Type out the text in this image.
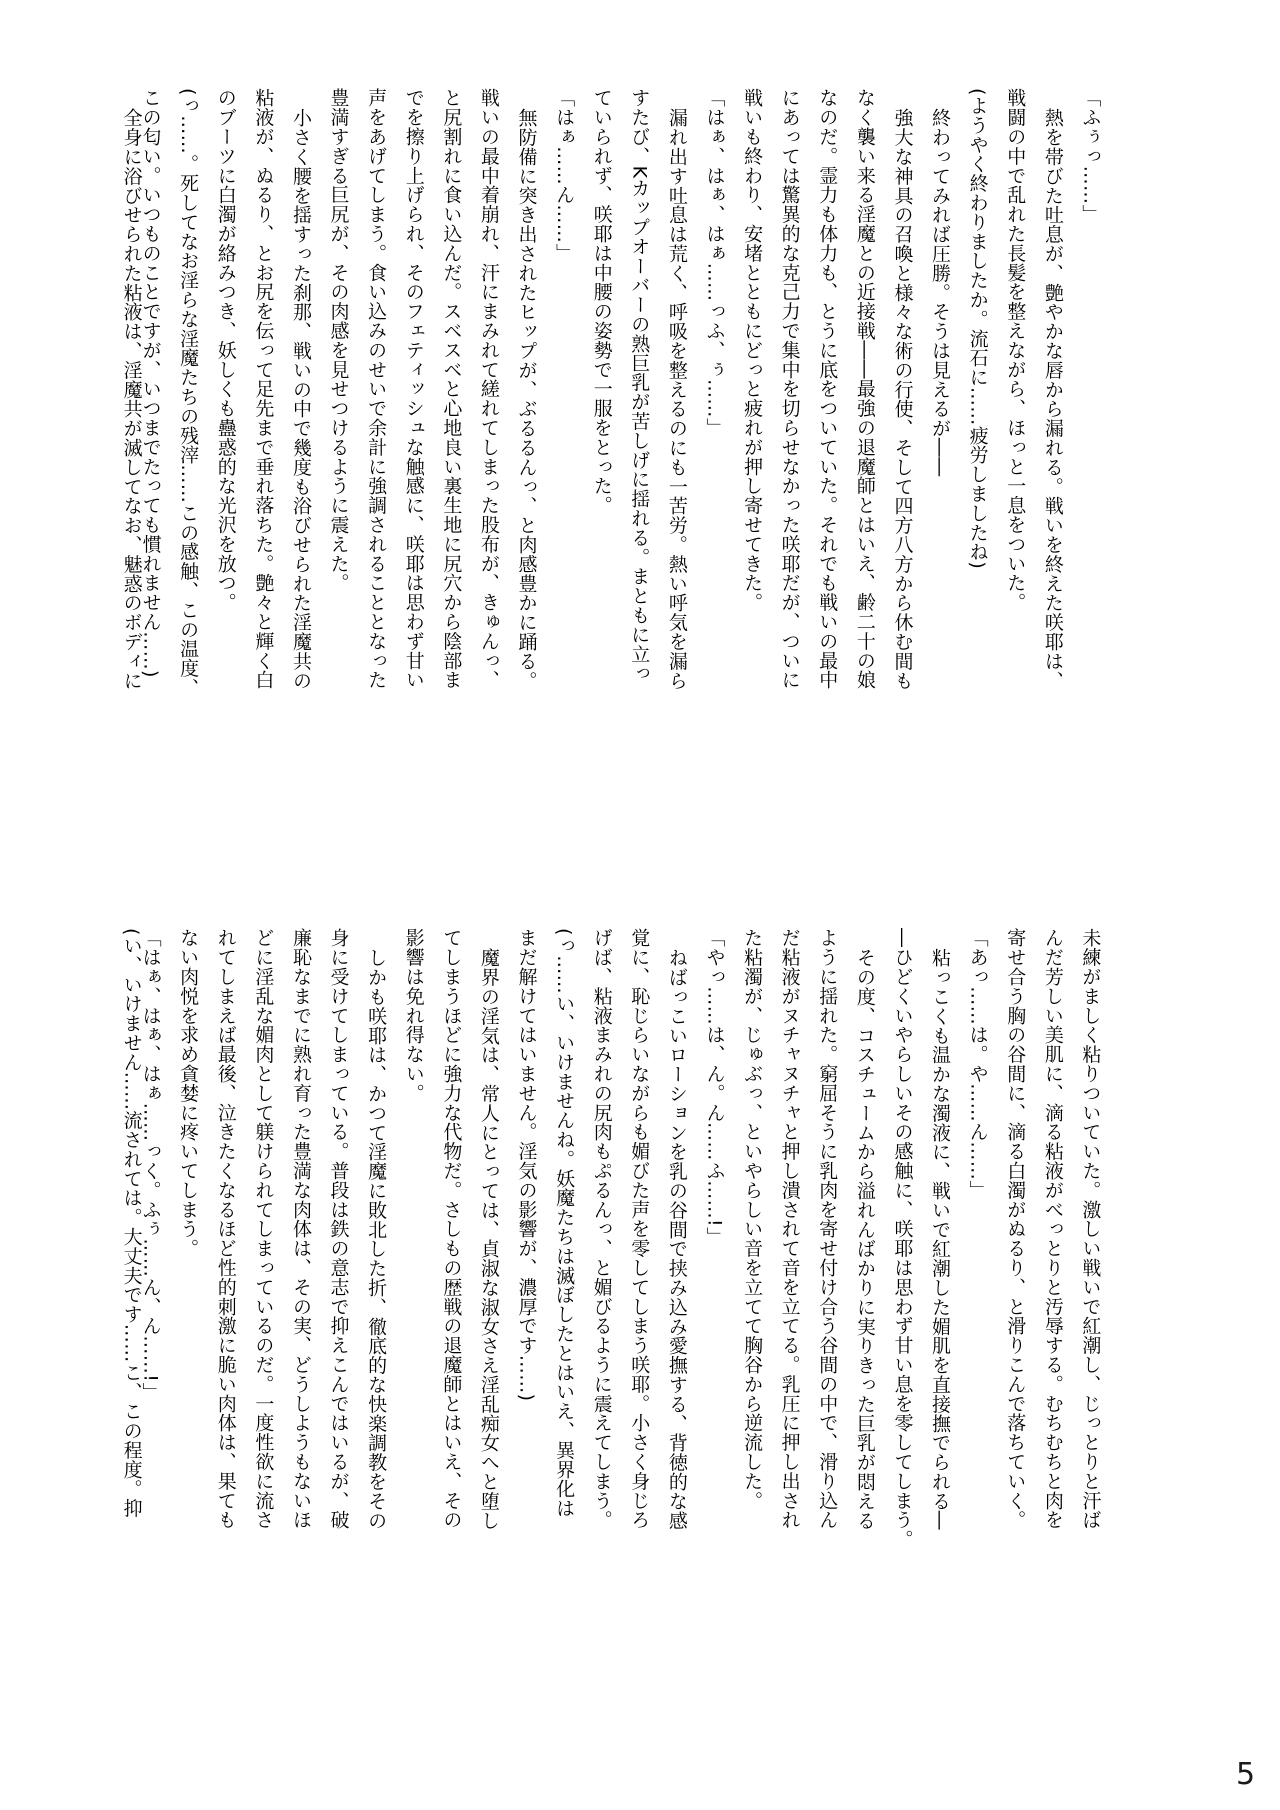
「ふぅっ……」

熱を帯びた吐息が、艶やかな唇から漏れる。戦いを終えた咲耶は、

戦闘の中で乱れた長髪を整えながら、ほっと一息をついた。

(ようやく終わりましたか。流石に……疲労しましたね)

終わってみれば圧勝。そうは見えるが――

強大な神具の召喚と様々な術の行使、そして四方八方から休む間も

なく襲い来る淫魔との近接戦――最強の退魔師とはいえ、齢二十の娘

なのだ。霊力も体力も、とうに底をついていた。それでも戦いの最中

にあっては驚異的な克己力で集中を切らせなかった咲耶だが、ついに

戦いも終わり、安堵とともにどっと疲れが押し寄せてきた。

「はぁ、はぁ、はぁ……っふ、ぅ……」

漏れ出す吐息は荒く、呼吸を整えるのにも一苦労。熱い呼気を漏ら

すたび、Kカップオーバーの熟巨乳が苦しげに揺れる。まともに立っ

ていられず、咲耶は中腰の姿勢で一服をとった。

「はぁ……ん……」

無防備に突き出されたヒップが、ぶるるんっ、と肉感豊かに踊る。

戦いの最中着崩れ、汗にまみれて縒れてしまった股布が、きゅんっ、

と尻割れに食い込んだ。スベスベと心地良い裏生地に尻穴から陰部ま

でを擦り上げられ、そのフェティッシュな触感に、咲耶は思わず甘い

声をあげてしまう。食い込みのせいで余計に強調されることとなった

豊満すぎる巨尻が、その肉感を見せつけるように震えた。

小さく腰を揺すった刹那、戦いの中で幾度も浴びせられた淫魔共の

粘液が、ぬるり、とお尻を伝って足先まで垂れ落ちた。艶々と輝く白

のブーツに白濁が絡みつき、妖しくも蠱惑的な光沢を放つ。

(っ……。死してなお淫らな淫魔たちの残滓……この感触、この温度、

この匂い。いつものことですが、いつまでたっても慣れません……)

全身に浴びせられた粘液は、淫魔共が滅してなお、魅惑のボディに

未練がましく粘りついていた。激しい戦いで紅潮し、じっとりと汗ば

んだ芳しい美肌に、滴る粘液がべっとりと汚辱する。むちむちと肉を

寄せ合う胸の谷間に、滴る白濁がぬるり、と滑りこんで落ちていく。

「あっ……は。や……ん……」

粘っこくも温かな濁液に、戦いで紅潮した媚肌を直接撫でられる―

―ひどくいやらしいその感触に、咲耶は思わず甘い息を零してしまう。

その度、コスチュームから溢れんばかりに実りきった巨乳が悶える

ように揺れた。窮屈そうに乳肉を寄せ付け合う谷間の中で、滑り込ん

だ粘液がヌチャヌチャと押し潰されて音を立てる。乳圧に押し出され

た粘濁が、じゅぶっ、といやらしい音を立てて胸谷から逆流した。

「やっ……は、ん。ん……ふ……!」

ねばっこいローションを乳の谷間で挟み込み愛撫する、背徳的な感

覚に、恥じらいながらも媚びた声を零してしまう咲耶。小さく身じろ

げば、粘液まみれの尻肉もぷるんっ、と媚びるように震えてしまう。

(っ……い、いけませんね。妖魔たちは滅ぼしたとはいえ、異界化は

まだ解けてはいません。淫気の影響が、濃厚です……)

魔界の淫気は、常人にとっては、貞淑な淑女さえ淫乱痴女へと堕し

てしまうほどに強力な代物だ。さしもの歴戦の退魔師とはいえ、その

影響は免れ得ない。

しかも咲耶は、かつて淫魔に敗北した折、徹底的な快楽調教をその

身に受けてしまっている。普段は鉄の意志で抑えこんではいるが、破

廉恥なまでに熟れ育った豊満な肉体は、その実、どうしようもないほ

どに淫乱な媚肉として躾けられてしまっているのだ。一度性欲に流さ

れてしまえば最後、泣きたくなるほど性的刺激に脆い肉体は、果ても

ない肉悦を求め貪婪に疼いてしまう。

「はぁ、はぁ、はぁ……っく。ふぅ……ん、ん……!」

(い、いけません……流されては。大丈夫です……こ、この程度。抑

5
